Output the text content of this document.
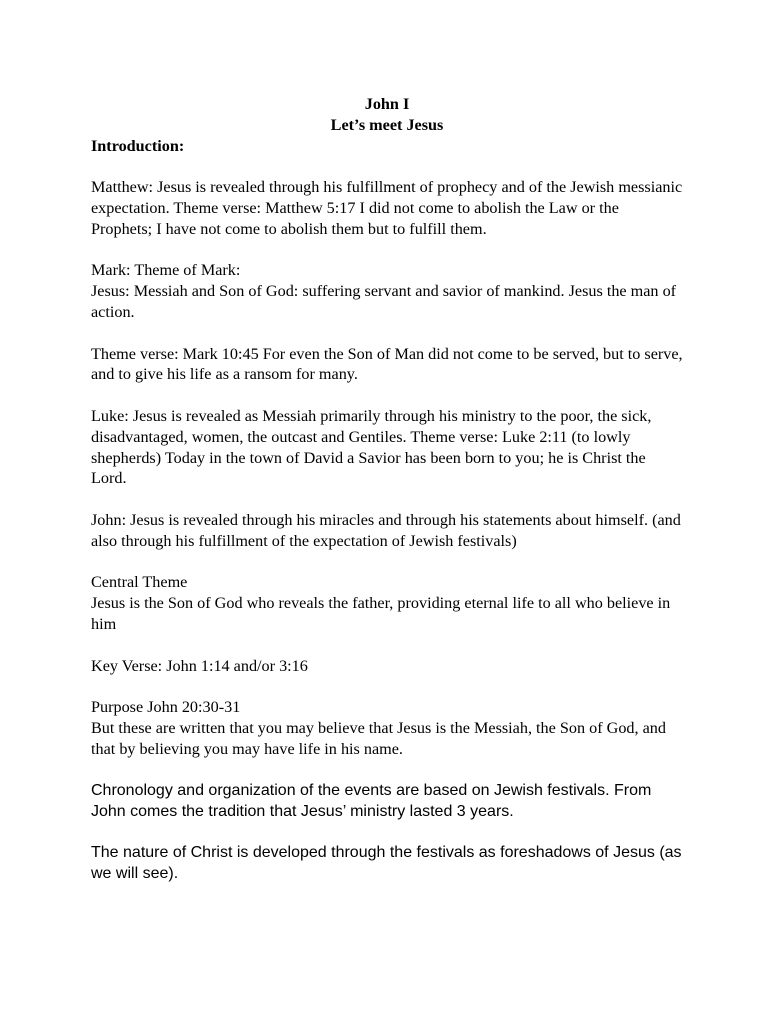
John I
Let’s meet Jesus
Introduction:

Matthew: Jesus is revealed through his fulfillment of prophecy and of the Jewish messianic expectation. Theme verse: Matthew 5:17 I did not come to abolish the Law or the Prophets; I have not come to abolish them but to fulfill them.

Mark: Theme of Mark:

Jesus: Messiah and Son of God: suffering servant and savior of mankind. Jesus the man of action.

Theme verse: Mark 10:45 For even the Son of Man did not come to be served, but to serve, and to give his life as a ransom for many.

Luke: Jesus is revealed as Messiah primarily through his ministry to the poor, the sick, disadvantaged, women, the outcast and Gentiles. Theme verse: Luke 2:11 (to lowly shepherds) Today in the town of David a Savior has been born to you; he is Christ the Lord.

John: Jesus is revealed through his miracles and through his statements about himself. (and also through his fulfillment of the expectation of Jewish festivals)

Central Theme

Jesus is the Son of God who reveals the father, providing eternal life to all who believe in him

Key Verse: John 1:14 and/or 3:16
Purpose John 20:30-31

But these are written that you may believe that Jesus is the Messiah, the Son of God, and that by believing you may have life in his name.

Chronology and organization of the events are based on Jewish festivals. From John comes the tradition that Jesus’ ministry lasted 3 years.

The nature of Christ is developed through the festivals as foreshadows of Jesus (as we will see).
